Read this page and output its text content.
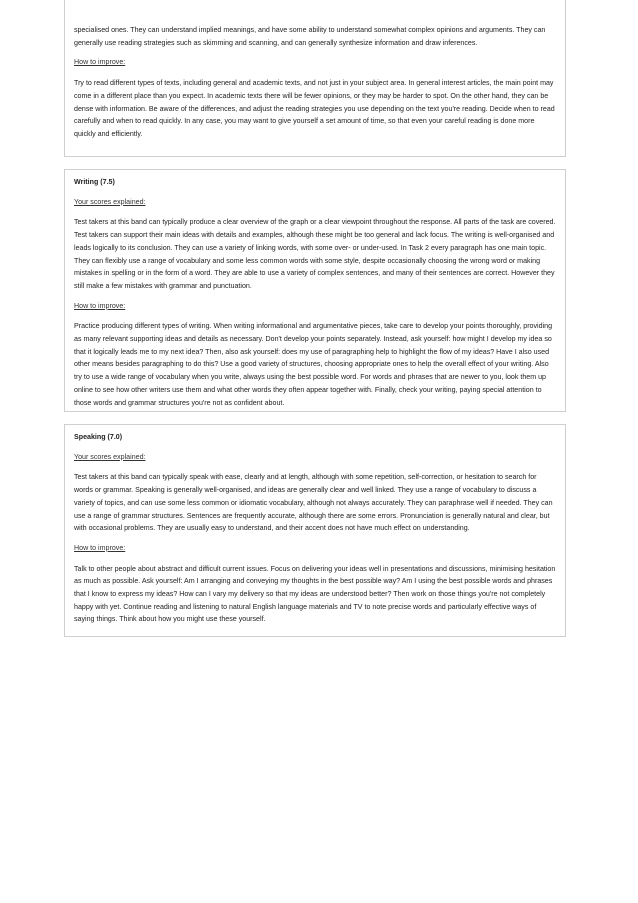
specialised ones. They can understand implied meanings, and have some ability to understand somewhat complex opinions and arguments. They can generally use reading strategies such as skimming and scanning, and can generally synthesize information and draw inferences.

How to improve:

Try to read different types of texts, including general and academic texts, and not just in your subject area. In general interest articles, the main point may come in a different place than you expect. In academic texts there will be fewer opinions, or they may be harder to spot. On the other hand, they can be dense with information. Be aware of the differences, and adjust the reading strategies you use depending on the text you're reading. Decide when to read carefully and when to read quickly. In any case, you may want to give yourself a set amount of time, so that even your careful reading is done more quickly and efficiently.

Writing (7.5)

Your scores explained:

Test takers at this band can typically produce a clear overview of the graph or a clear viewpoint throughout the response. All parts of the task are covered. Test takers can support their main ideas with details and examples, although these might be too general and lack focus. The writing is well-organised and leads logically to its conclusion. They can use a variety of linking words, with some over- or under-used. In Task 2 every paragraph has one main topic. They can flexibly use a range of vocabulary and some less common words with some style, despite occasionally choosing the wrong word or making mistakes in spelling or in the form of a word. They are able to use a variety of complex sentences, and many of their sentences are correct. However they still make a few mistakes with grammar and punctuation.

How to improve:

Practice producing different types of writing. When writing informational and argumentative pieces, take care to develop your points thoroughly, providing as many relevant supporting ideas and details as necessary. Don't develop your points separately. Instead, ask yourself: how might I develop my idea so that it logically leads me to my next idea? Then, also ask yourself: does my use of paragraphing help to highlight the flow of my ideas? Have I also used other means besides paragraphing to do this? Use a good variety of structures, choosing appropriate ones to help the overall effect of your writing. Also try to use a wide range of vocabulary when you write, always using the best possible word. For words and phrases that are newer to you, look them up online to see how other writers use them and what other words they often appear together with. Finally, check your writing, paying special attention to those words and grammar structures you're not as confident about.

Speaking (7.0)

Your scores explained:

Test takers at this band can typically speak with ease, clearly and at length, although with some repetition, self-correction, or hesitation to search for words or grammar. Speaking is generally well-organised, and ideas are generally clear and well linked. They use a range of vocabulary to discuss a variety of topics, and can use some less common or idiomatic vocabulary, although not always accurately. They can paraphrase well if needed. They can use a range of grammar structures. Sentences are frequently accurate, although there are some errors. Pronunciation is generally natural and clear, but with occasional problems. They are usually easy to understand, and their accent does not have much effect on understanding.

How to improve:

Talk to other people about abstract and difficult current issues. Focus on delivering your ideas well in presentations and discussions, minimising hesitation as much as possible. Ask yourself: Am I arranging and conveying my thoughts in the best possible way? Am I using the best possible words and phrases that I know to express my ideas? How can I vary my delivery so that my ideas are understood better? Then work on those things you're not completely happy with yet. Continue reading and listening to natural English language materials and TV to note precise words and particularly effective ways of saying things. Think about how you might use these yourself.
